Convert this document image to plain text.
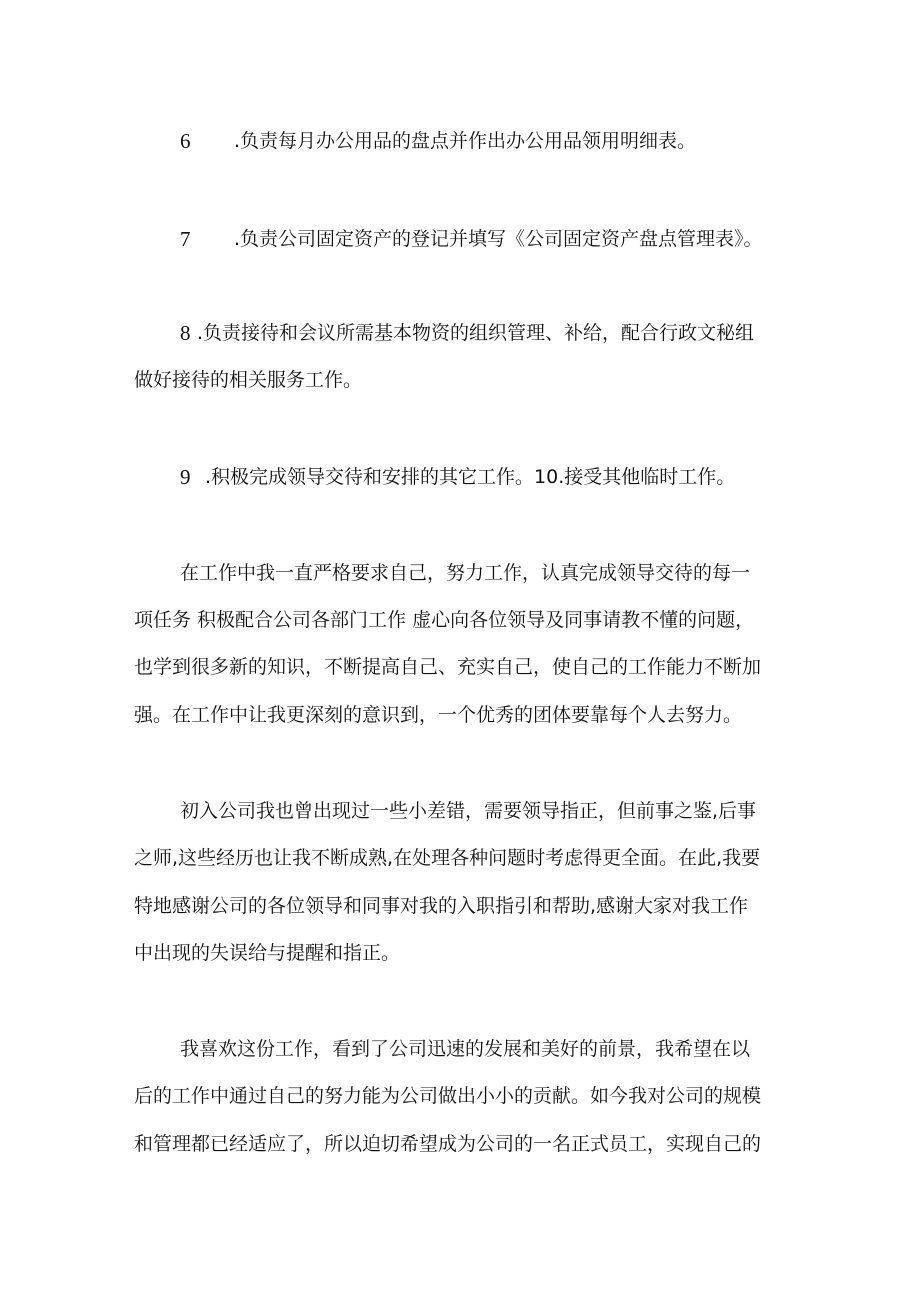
6 .负责每月办公用品的盘点并作出办公用品领用明细表。
7 .负责公司固定资产的登记并填写《公司固定资产盘点管理表》。
8 .负责接待和会议所需基本物资的组织管理、补给，配合行政文秘组
做好接待的相关服务工作。
9 .积极完成领导交待和安排的其它工作。10.接受其他临时工作。
在工作中我一直严格要求自己，努力工作，认真完成领导交待的每一
项任务 积极配合公司各部门工作 虚心向各位领导及同事请教不懂的问题，
也学到很多新的知识，不断提高自己、充实自己，使自己的工作能力不断加
强。在工作中让我更深刻的意识到，一个优秀的团体要靠每个人去努力。
初入公司我也曾出现过一些小差错，需要领导指正，但前事之鉴,后事
之师,这些经历也让我不断成熟,在处理各种问题时考虑得更全面。在此,我要
特地感谢公司的各位领导和同事对我的入职指引和帮助,感谢大家对我工作
中出现的失误给与提醒和指正。
我喜欢这份工作，看到了公司迅速的发展和美好的前景，我希望在以
后的工作中通过自己的努力能为公司做出小小的贡献。如今我对公司的规模
和管理都已经适应了，所以迫切希望成为公司的一名正式员工，实现自己的
